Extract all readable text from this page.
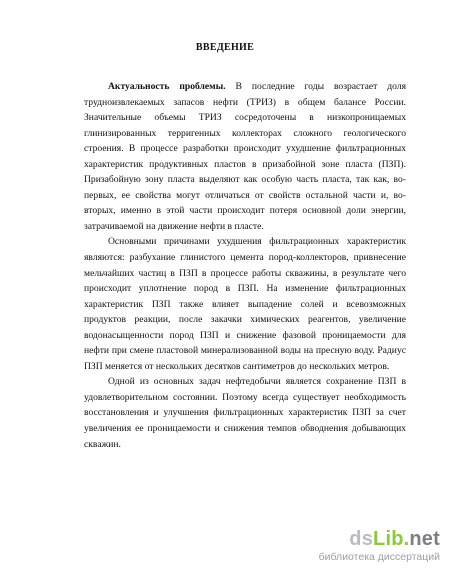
ВВЕДЕНИЕ

Актуальность проблемы. В последние годы возрастает доля трудноизвлекаемых запасов нефти (ТРИЗ) в общем балансе России. Значительные объемы ТРИЗ сосредоточены в низкопроницаемых глинизированных терригенных коллекторах сложного геологического строения. В процессе разработки происходит ухудшение фильтрационных характеристик продуктивных пластов в призабойной зоне пласта (ПЗП). Призабойную зону пласта выделяют как особую часть пласта, так как, во-первых, ее свойства могут отличаться от свойств остальной части и, во-вторых, именно в этой части происходит потеря основной доли энергии, затрачиваемой на движение нефти в пласте.

Основными причинами ухудшения фильтрационных характеристик являются: разбухание глинистого цемента пород-коллекторов, привнесение мельчайших частиц в ПЗП в процессе работы скважины, в результате чего происходит уплотнение пород в ПЗП. На изменение фильтрационных характеристик ПЗП также влияет выпадение солей и всевозможных продуктов реакции, после закачки химических реагентов, увеличение водонасыщенности пород ПЗП и снижение фазовой проницаемости для нефти при смене пластовой минерализованной воды на пресную воду. Радиус ПЗП меняется от нескольких десятков сантиметров до нескольких метров.

Одной из основных задач нефтедобычи является сохранение ПЗП в удовлетворительном состоянии. Поэтому всегда существует необходимость восстановления и улучшения фильтрационных характеристик ПЗП за счет увеличения ее проницаемости и снижения темпов обводнения добывающих скважин.

dsLib.net
библиотека диссертаций
